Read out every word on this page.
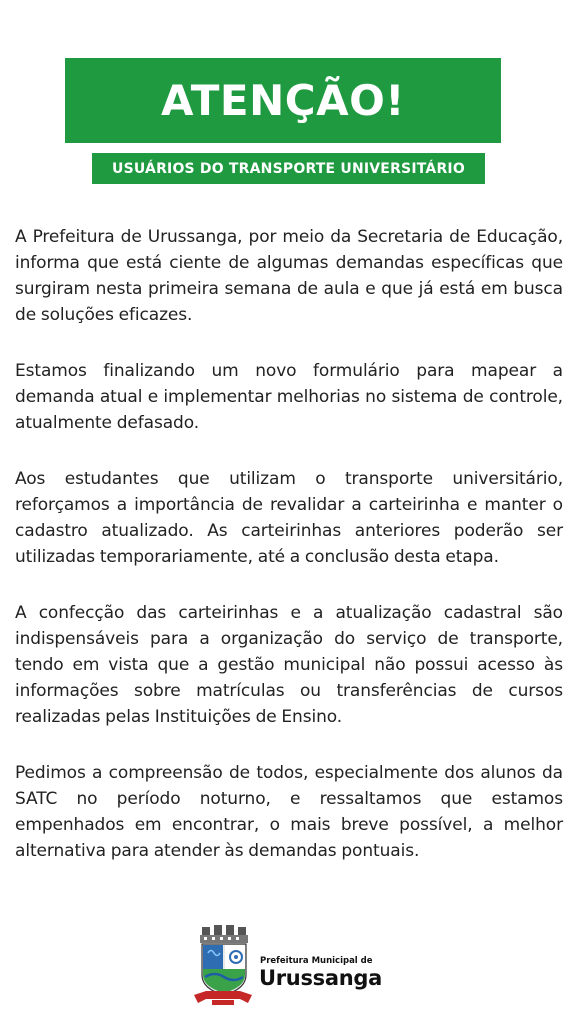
ATENÇÃO!
USUÁRIOS DO TRANSPORTE UNIVERSITÁRIO

A Prefeitura de Urussanga, por meio da Secretaria de Educação, informa que está ciente de algumas demandas específicas que surgiram nesta primeira semana de aula e que já está em busca de soluções eficazes.

Estamos finalizando um novo formulário para mapear a demanda atual e implementar melhorias no sistema de controle, atualmente defasado.

Aos estudantes que utilizam o transporte universitário, reforçamos a importância de revalidar a carteirinha e manter o cadastro atualizado. As carteirinhas anteriores poderão ser utilizadas temporariamente, até a conclusão desta etapa.

A confecção das carteirinhas e a atualização cadastral são indispensáveis para a organização do serviço de transporte, tendo em vista que a gestão municipal não possui acesso às informações sobre matrículas ou transferências de cursos realizadas pelas Instituições de Ensino.

Pedimos a compreensão de todos, especialmente dos alunos da SATC no período noturno, e ressaltamos que estamos empenhados em encontrar, o mais breve possível, a melhor alternativa para atender às demandas pontuais.

Prefeitura Municipal de
Urussanga
